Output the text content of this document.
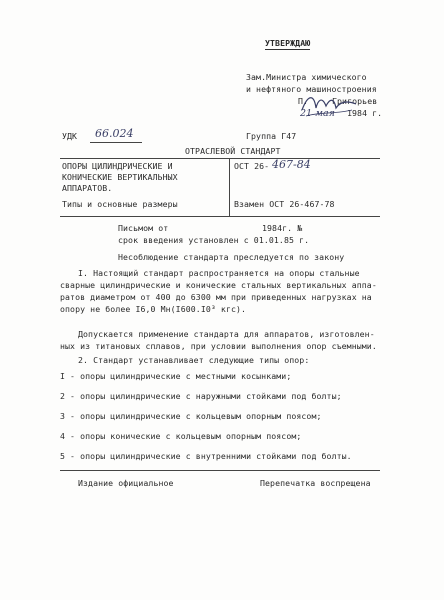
УТВЕРЖДАЮ
Зам.Министра химического
и нефтяного машиностроения
П.	Григорьев
1984 г.
21 мая
УДК 66.024	Группа Г47
ОТРАСЛЕВОЙ СТАНДАРТ
ОПОРЫ ЦИЛИНДРИЧЕСКИЕ И
КОНИЧЕСКИЕ ВЕРТИКАЛЬНЫХ
АППАРАТОВ.
Типы и основные размеры
ОСТ 26- 467-84
Взамен ОСТ 26-467-78
Письмом от	1984г. №
срок введения установлен с 01.01.85 г.
Несоблюдение стандарта преследуется по закону
I. Настоящий стандарт распространяется на опоры стальные
сварные цилиндрические и конические стальных вертикальных аппа-
ратов диаметром от 400 до 6300 мм при приведенных нагрузках на
опору не более I6,0 Мн(I600.I0³ кгс).
Допускается применение стандарта для аппаратов, изготовлен-
ных из титановых сплавов, при условии выполнения опор съемными.
2. Стандарт устанавливает следующие типы опор:
I - опоры цилиндрические с местными косынками;
2 - опоры цилиндрические с наружными стойками под болты;
3 - опоры цилиндрические с кольцевым опорным поясом;
4 - опоры конические с кольцевым опорным поясом;
5 - опоры цилиндрические с внутренними стойками под болты.
Издание официальное	Перепечатка воспрещена
